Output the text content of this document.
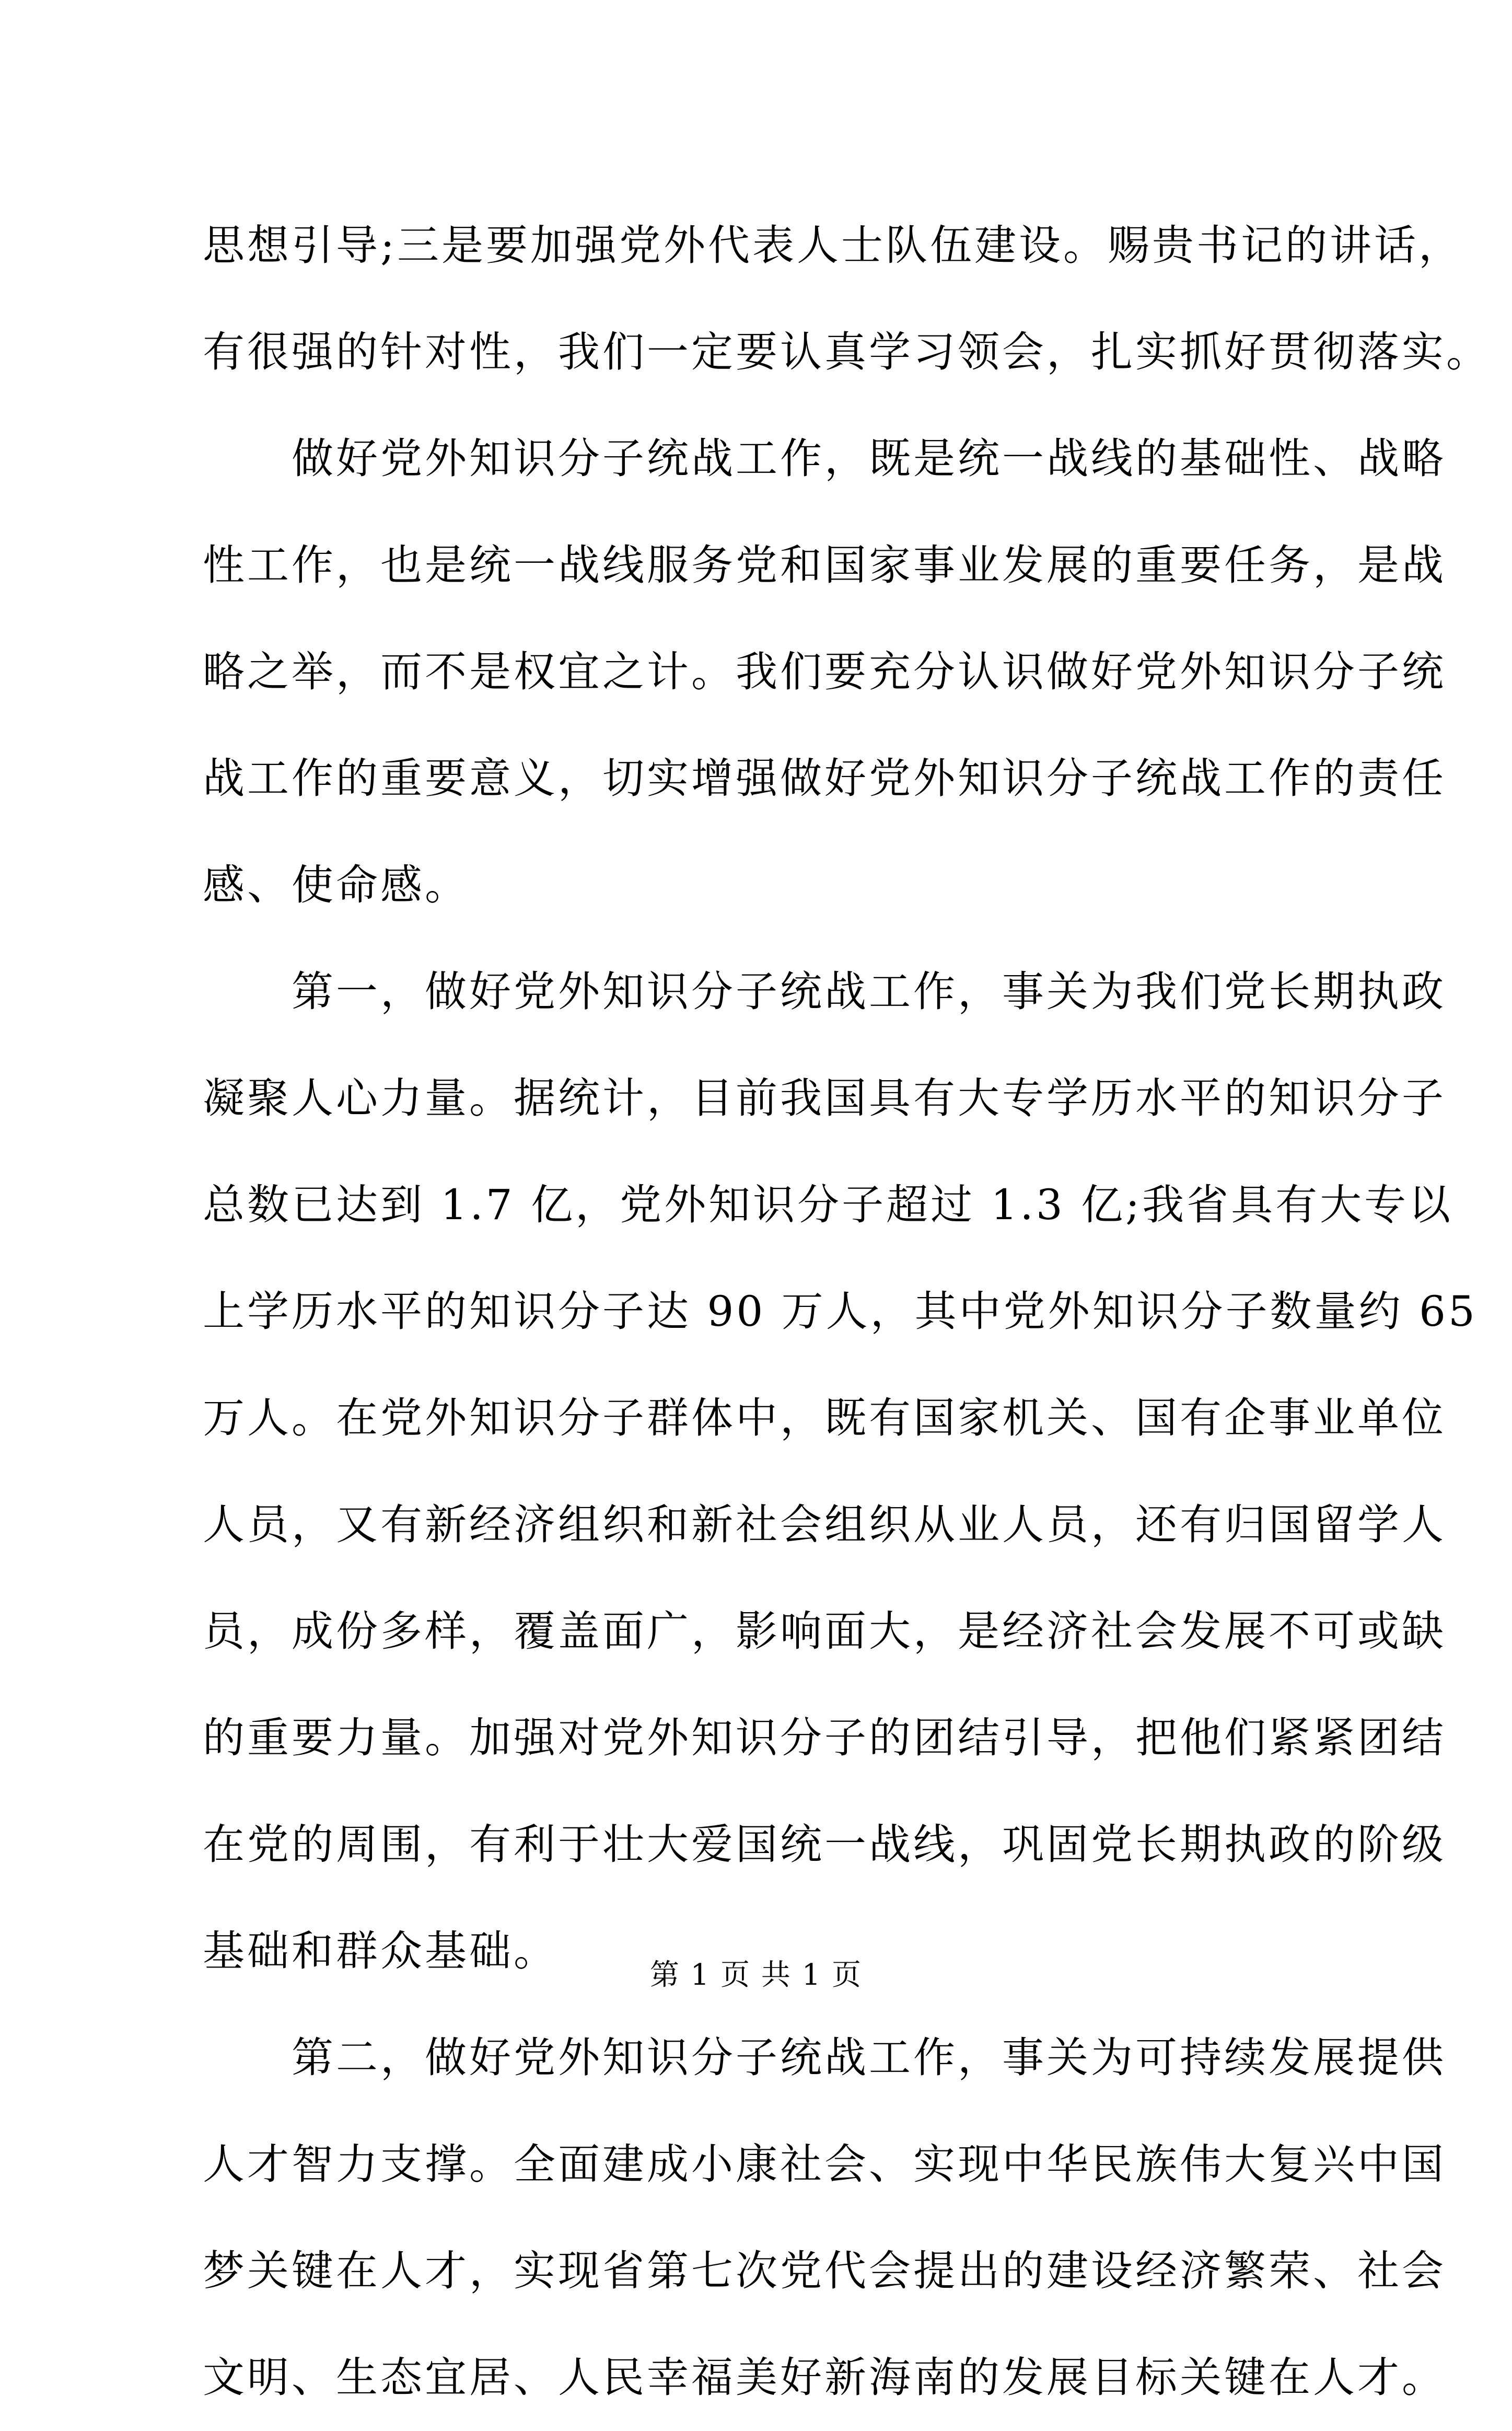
思想引导;三是要加强党外代表人士队伍建设。赐贵书记的讲话，
有很强的针对性，我们一定要认真学习领会，扎实抓好贯彻落实。
做好党外知识分子统战工作，既是统一战线的基础性、战略
性工作，也是统一战线服务党和国家事业发展的重要任务，是战
略之举，而不是权宜之计。我们要充分认识做好党外知识分子统
战工作的重要意义，切实增强做好党外知识分子统战工作的责任
感、使命感。
第一，做好党外知识分子统战工作，事关为我们党长期执政
凝聚人心力量。据统计，目前我国具有大专学历水平的知识分子
总数已达到 1.7 亿，党外知识分子超过 1.3 亿;我省具有大专以
上学历水平的知识分子达 90 万人，其中党外知识分子数量约 65
万人。在党外知识分子群体中，既有国家机关、国有企事业单位
人员，又有新经济组织和新社会组织从业人员，还有归国留学人
员，成份多样，覆盖面广，影响面大，是经济社会发展不可或缺
的重要力量。加强对党外知识分子的团结引导，把他们紧紧团结
在党的周围，有利于壮大爱国统一战线，巩固党长期执政的阶级
基础和群众基础。
第二，做好党外知识分子统战工作，事关为可持续发展提供
人才智力支撑。全面建成小康社会、实现中华民族伟大复兴中国
梦关键在人才，实现省第七次党代会提出的建设经济繁荣、社会
文明、生态宜居、人民幸福美好新海南的发展目标关键在人才。
第 1 页 共 1 页
